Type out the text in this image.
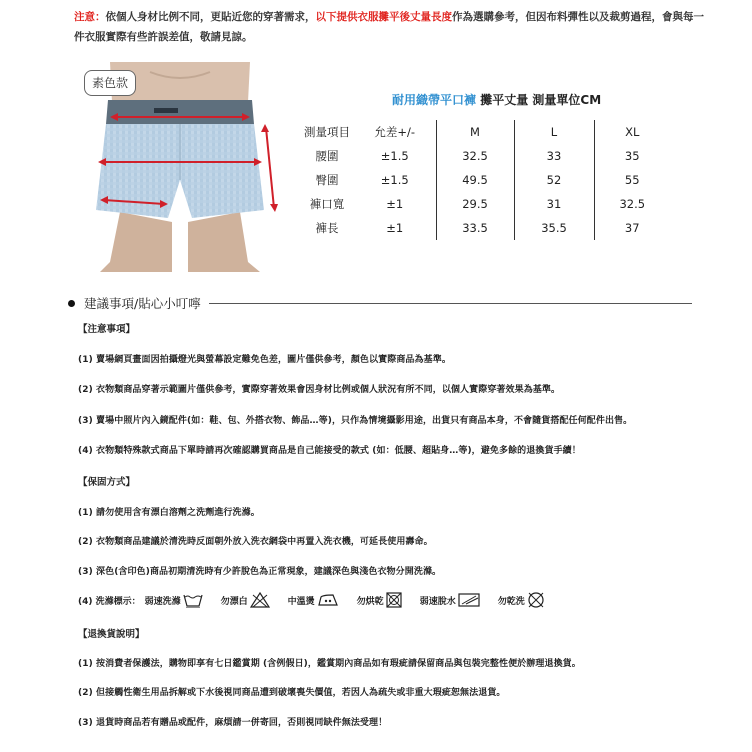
注意：依個人身材比例不同，更貼近您的穿著需求，以下提供衣服攤平後丈量長度作為選購參考，但因布料彈性以及裁剪過程，會與每一件衣服實際有些許誤差值，敬請見諒。
素色款
耐用織帶平口褲 攤平丈量 測量單位CM
測量項目	允差+/-	M	L	XL
腰圍	±1.5	32.5	33	35
臀圍	±1.5	49.5	52	55
褲口寬	±1	29.5	31	32.5
褲長	±1	33.5	35.5	37
建議事項/貼心小叮嚀
【注意事項】
(1) 賣場網頁畫面因拍攝燈光與螢幕設定難免色差，圖片僅供參考，顏色以實際商品為基準。
(2) 衣物類商品穿著示範圖片僅供參考，實際穿著效果會因身材比例或個人狀況有所不同，以個人實際穿著效果為基準。
(3) 賣場中照片內入鏡配件(如：鞋、包、外搭衣物、飾品…等)，只作為情境攝影用途，出貨只有商品本身，不會隨貨搭配任何配件出售。
(4) 衣物類特殊款式商品下單時請再次確認購買商品是自己能接受的款式 (如：低腰、超貼身…等)，避免多餘的退換貨手續！
【保固方式】
(1) 請勿使用含有漂白溶劑之洗劑進行洗滌。
(2) 衣物類商品建議於清洗時反面朝外放入洗衣網袋中再置入洗衣機，可延長使用壽命。
(3) 深色(含印色)商品初期清洗時有少許脫色為正常現象，建議深色與淺色衣物分開洗滌。
(4) 洗滌標示： 弱速洗滌	勿漂白	中溫燙	勿烘乾	弱速脫水	勿乾洗
【退換貨說明】
(1) 按消費者保護法，購物即享有七日鑑賞期 (含例假日)，鑑賞期內商品如有瑕疵請保留商品與包裝完整性便於辦理退換貨。
(2) 但接觸性衛生用品拆解或下水後視同商品遭到破壞喪失價值，若因人為疏失或非重大瑕疵恕無法退貨。
(3) 退貨時商品若有贈品或配件，麻煩請一併寄回，否則視同缺件無法受理！
